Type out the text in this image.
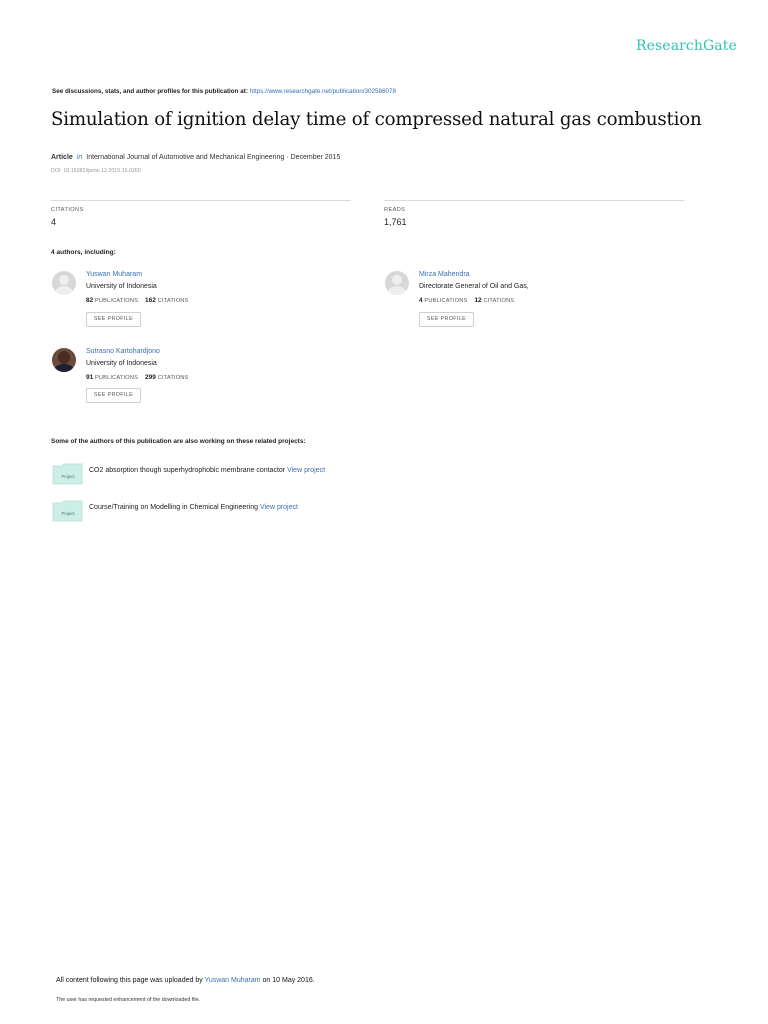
ResearchGate
See discussions, stats, and author profiles for this publication at: https://www.researchgate.net/publication/302586078
Simulation of ignition delay time of compressed natural gas combustion
Article in International Journal of Automotive and Mechanical Engineering · December 2015
DOI: 10.15282/ijame.12.2015.15.0260
CITATIONS
4
READS
1,761
4 authors, including:
Yuswan Muharam
University of Indonesia
82 PUBLICATIONS 162 CITATIONS
SEE PROFILE
Mirza Mahendra
Directorate General of Oil and Gas,
4 PUBLICATIONS 12 CITATIONS
SEE PROFILE
Sutrasno Kartohardjono
University of Indonesia
91 PUBLICATIONS 299 CITATIONS
SEE PROFILE
Some of the authors of this publication are also working on these related projects:
Project
CO2 absorption though superhydrophobic membrane contactor View project
Project
Course/Training on Modelling in Chemical Engineering View project
All content following this page was uploaded by Yuswan Muharam on 10 May 2016.
The user has requested enhancement of the downloaded file.
